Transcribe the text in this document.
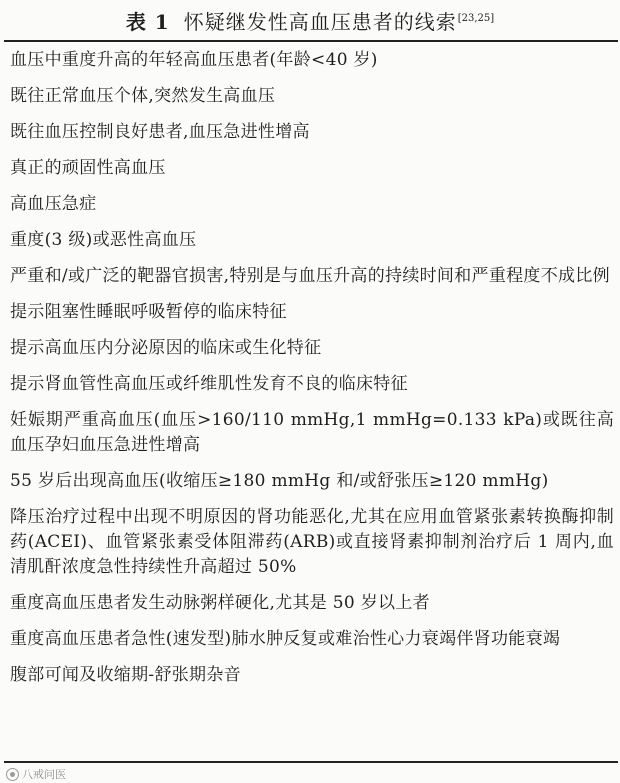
表 1 怀疑继发性高血压患者的线索[23,25]
血压中重度升高的年轻高血压患者(年龄<40 岁)
既往正常血压个体,突然发生高血压
既往血压控制良好患者,血压急进性增高
真正的顽固性高血压
高血压急症
重度(3 级)或恶性高血压
严重和/或广泛的靶器官损害,特别是与血压升高的持续时间和严重程度不成比例
提示阻塞性睡眠呼吸暂停的临床特征
提示高血压内分泌原因的临床或生化特征
提示肾血管性高血压或纤维肌性发育不良的临床特征
妊娠期严重高血压(血压>160/110 mmHg,1 mmHg=0.133 kPa)或既往高血压孕妇血压急进性增高
55 岁后出现高血压(收缩压≥180 mmHg 和/或舒张压≥120 mmHg)
降压治疗过程中出现不明原因的肾功能恶化,尤其在应用血管紧张素转换酶抑制药(ACEI)、血管紧张素受体阻滞药(ARB)或直接肾素抑制剂治疗后 1 周内,血清肌酐浓度急性持续性升高超过 50%
重度高血压患者发生动脉粥样硬化,尤其是 50 岁以上者
重度高血压患者急性(速发型)肺水肿反复或难治性心力衰竭伴肾功能衰竭
腹部可闻及收缩期-舒张期杂音
八戒问医
